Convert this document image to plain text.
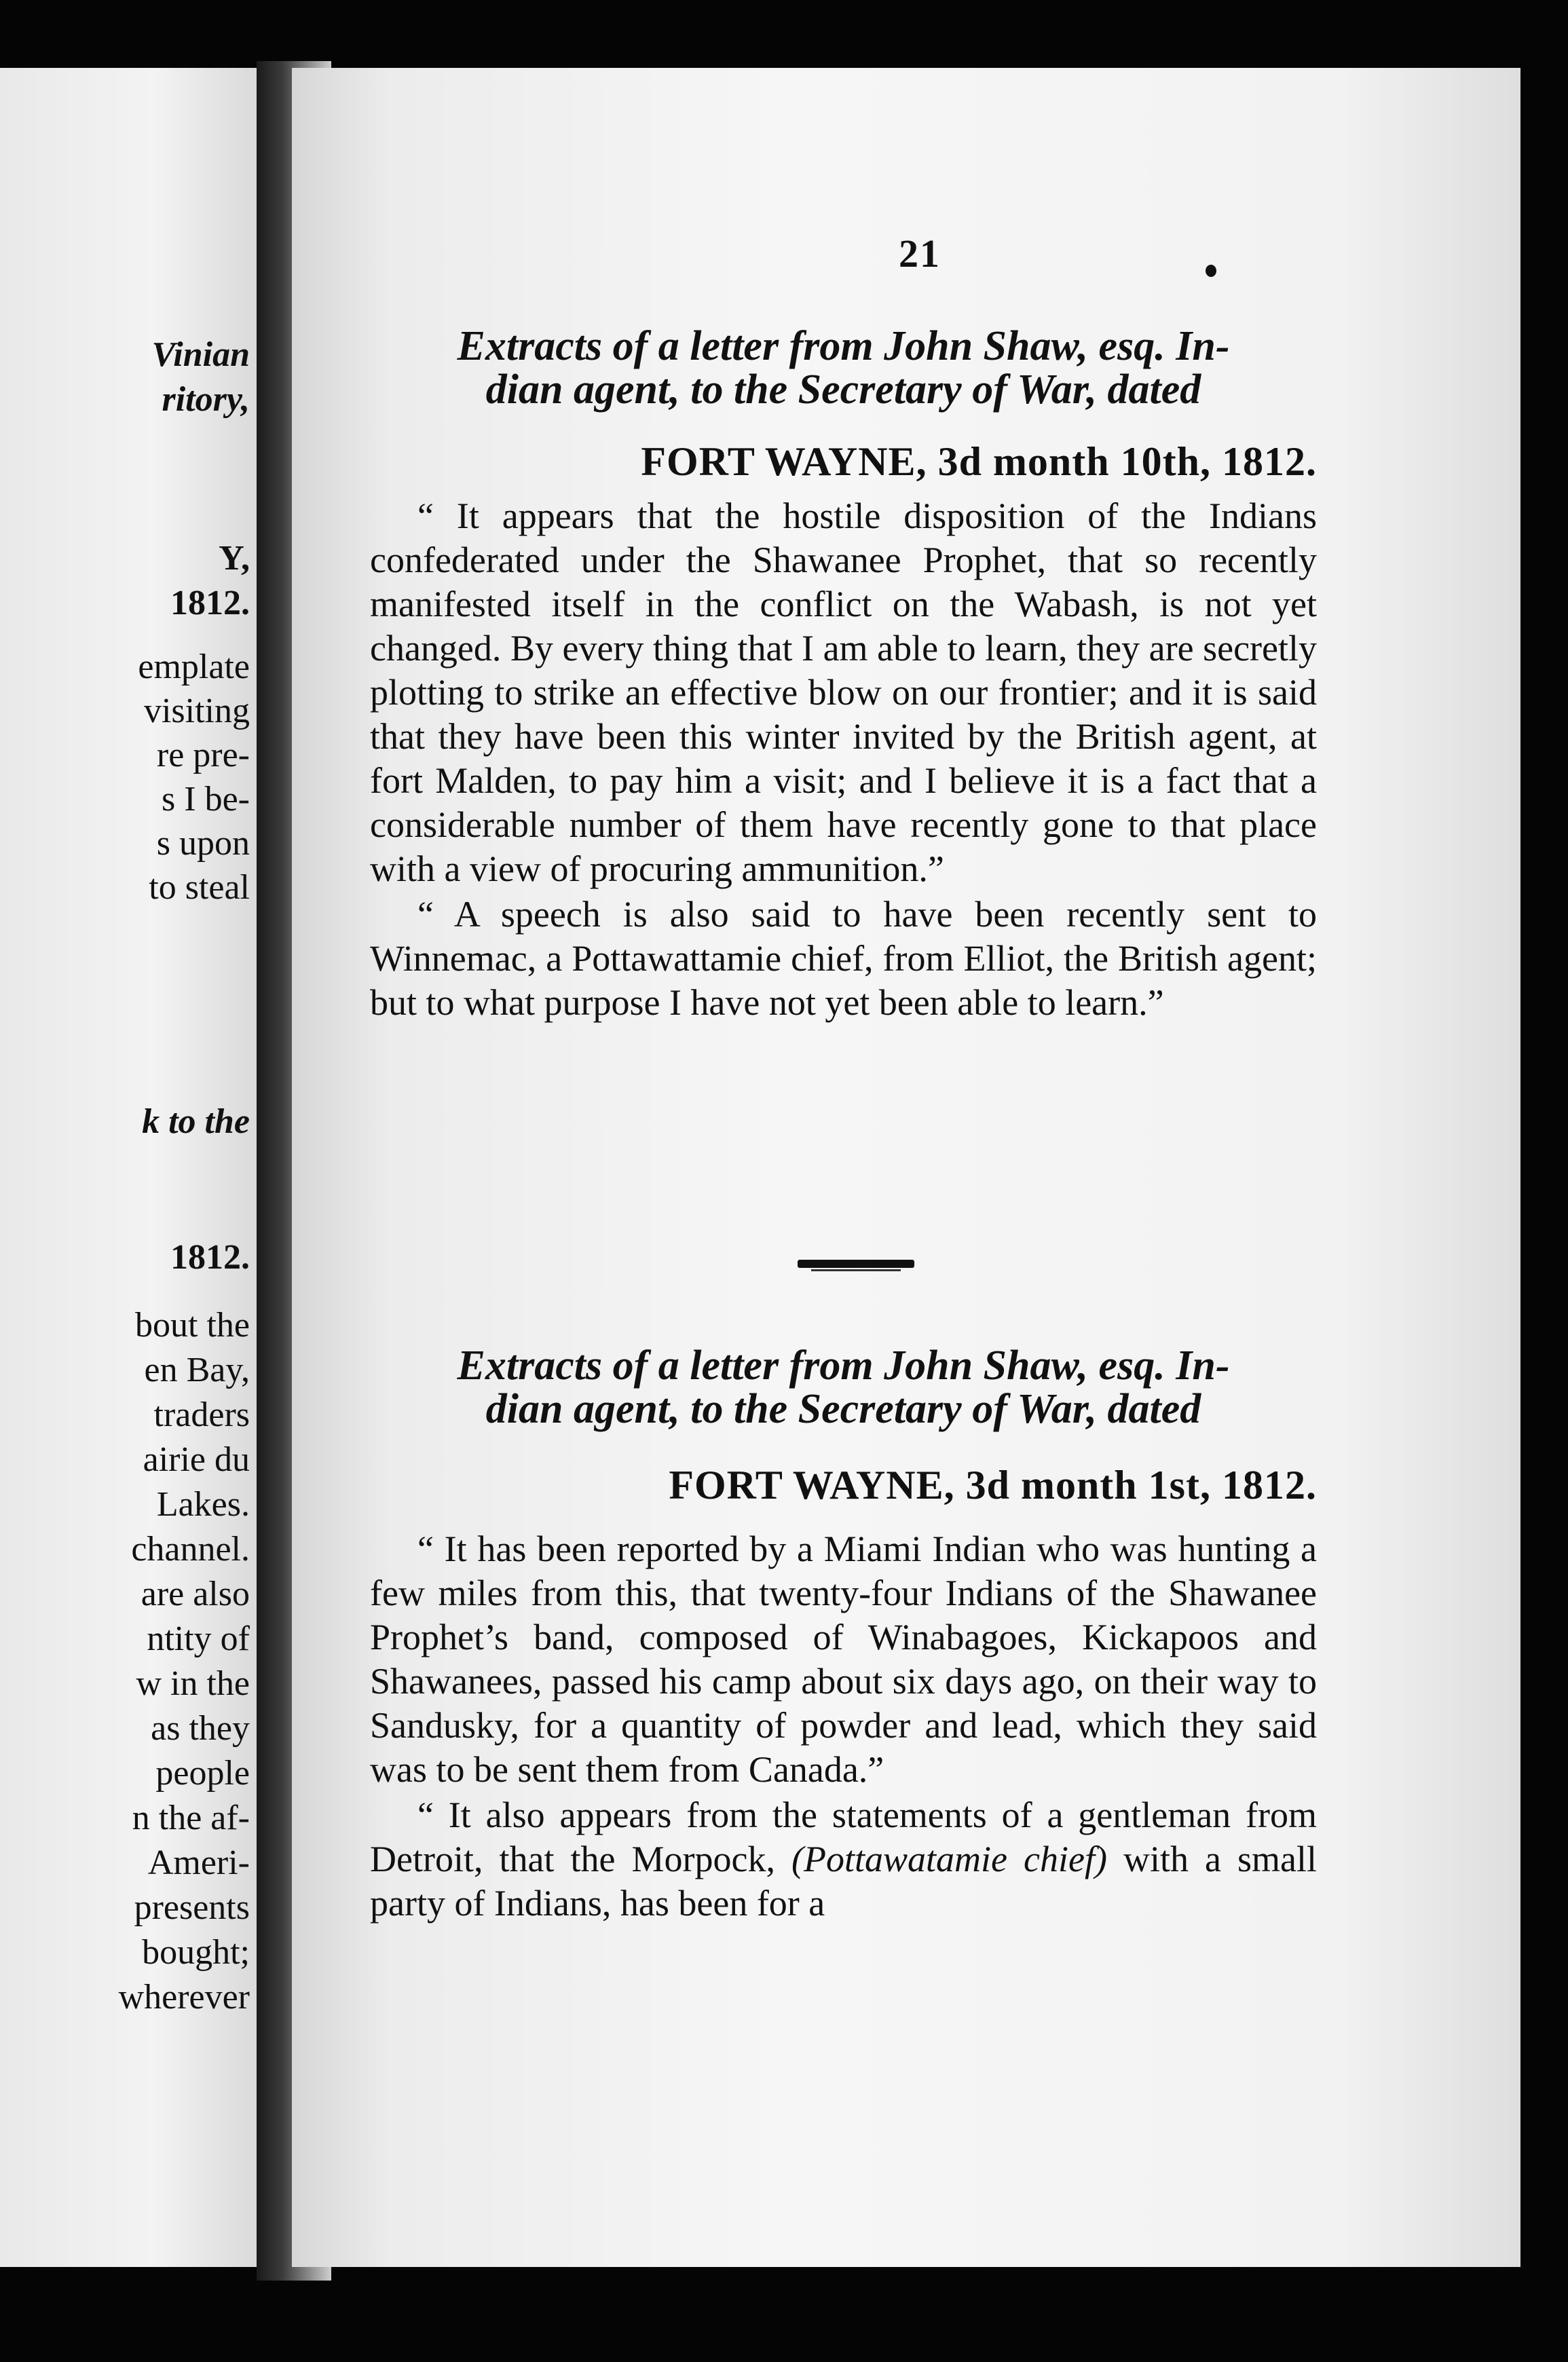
Vinian
ritory,
Y,
1812.
emplate
visiting
re pre-
s I be-
s upon
to steal
k to the
1812.
bout the
en Bay,
traders
airie du
Lakes.
channel.
are also
ntity of
w in the
as they
people
n the af-
Ameri-
presents
bought;
wherever
21

Extracts of a letter from John Shaw, esq. In-
dian agent, to the Secretary of War, dated

FORT WAYNE, 3d month 10th, 1812.

“ It appears that the hostile disposition of the Indians confederated under the Shawanee Prophet, that so recently manifested itself in the conflict on the Wabash, is not yet changed. By every thing that I am able to learn, they are secretly plotting to strike an effective blow on our frontier; and it is said that they have been this winter invited by the British agent, at fort Malden, to pay him a visit; and I believe it is a fact that a considerable number of them have recently gone to that place with a view of procuring ammunition.”

“ A speech is also said to have been recently sent to Winnemac, a Pottawattamie chief, from Elliot, the British agent; but to what purpose I have not yet been able to learn.”

Extracts of a letter from John Shaw, esq. In-
dian agent, to the Secretary of War, dated

FORT WAYNE, 3d month 1st, 1812.

“ It has been reported by a Miami Indian who was hunting a few miles from this, that twenty-four Indians of the Shawanee Prophet’s band, composed of Winabagoes, Kickapoos and Shawanees, passed his camp about six days ago, on their way to Sandusky, for a quantity of powder and lead, which they said was to be sent them from Canada.”

“ It also appears from the statements of a gentleman from Detroit, that the Morpock, (Pottawatamie chief) with a small party of Indians, has been for a
